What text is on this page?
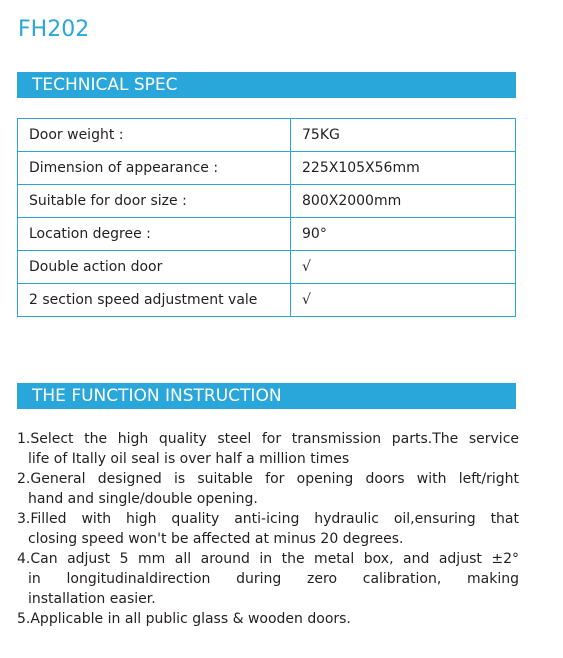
FH202
TECHNICAL SPEC
Door weight :	75KG
Dimension of appearance :	225X105X56mm
Suitable for door size :	800X2000mm
Location degree :	90°
Double action door	√
2 section speed adjustment vale	√
THE FUNCTION INSTRUCTION
1.Select the high quality steel for transmission parts.The service
life of Itally oil seal is over half a million times
2.General designed is suitable for opening doors with left/right
hand and single/double opening.
3.Filled with high quality anti-icing hydraulic oil,ensuring that
closing speed won't be affected at minus 20 degrees.
4.Can adjust 5 mm all around in the metal box, and adjust ±2°
in longitudinaldirection during zero calibration, making
installation easier.
5.Applicable in all public glass & wooden doors.
